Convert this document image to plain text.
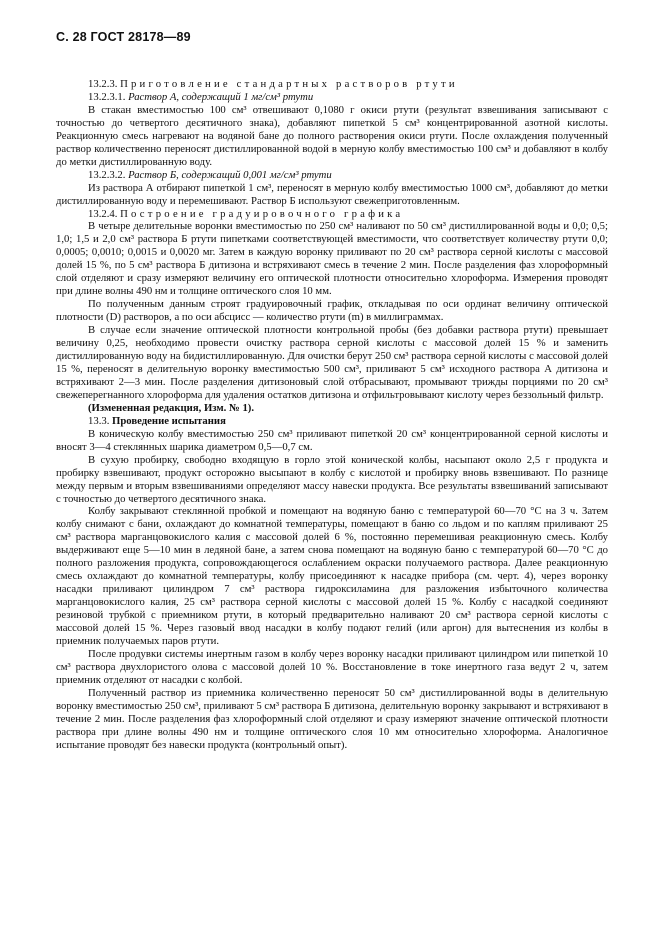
С. 28 ГОСТ 28178—89

13.2.3. Приготовление стандартных растворов ртути

13.2.3.1. Раствор А, содержащий 1 мг/см³ ртути

В стакан вместимостью 100 см³ отвешивают 0,1080 г окиси ртути (результат взвешивания записывают с точностью до четвертого десятичного знака), добавляют пипеткой 5 см³ концентрированной азотной кислоты. Реакционную смесь нагревают на водяной бане до полного растворения окиси ртути. После охлаждения полученный раствор количественно переносят дистиллированной водой в мерную колбу вместимостью 100 см³ и добавляют в колбу до метки дистиллированную воду.

13.2.3.2. Раствор Б, содержащий 0,001 мг/см³ ртути

Из раствора А отбирают пипеткой 1 см³, переносят в мерную колбу вместимостью 1000 см³, добавляют до метки дистиллированную воду и перемешивают. Раствор Б используют свежеприготовленным.

13.2.4. Построение градуировочного графика

В четыре делительные воронки вместимостью по 250 см³ наливают по 50 см³ дистиллированной воды и 0,0; 0,5; 1,0; 1,5 и 2,0 см³ раствора Б ртути пипетками соответствующей вместимости, что соответствует количеству ртути 0,0; 0,0005; 0,0010; 0,0015 и 0,0020 мг. Затем в каждую воронку приливают по 20 см³ раствора серной кислоты с массовой долей 15 %, по 5 см³ раствора Б дитизона и встряхивают смесь в течение 2 мин. После разделения фаз хлороформный слой отделяют и сразу измеряют величину его оптической плотности относительно хлороформа. Измерения проводят при длине волны 490 нм и толщине оптического слоя 10 мм.

По полученным данным строят градуировочный график, откладывая по оси ординат величину оптической плотности (D) растворов, а по оси абсцисс — количество ртути (m) в миллиграммах.

В случае если значение оптической плотности контрольной пробы (без добавки раствора ртути) превышает величину 0,25, необходимо провести очистку раствора серной кислоты с массовой долей 15 % и заменить дистиллированную воду на бидистиллированную. Для очистки берут 250 см³ раствора серной кислоты с массовой долей 15 %, переносят в делительную воронку вместимостью 500 см³, приливают 5 см³ исходного раствора А дитизона и встряхивают 2—3 мин. После разделения дитизоновый слой отбрасывают, промывают трижды порциями по 20 см³ свежеперегнанного хлороформа для удаления остатков дитизона и отфильтровывают кислоту через беззольный фильтр.

(Измененная редакция, Изм. № 1).

13.3. Проведение испытания

В коническую колбу вместимостью 250 см³ приливают пипеткой 20 см³ концентрированной серной кислоты и вносят 3—4 стеклянных шарика диаметром 0,5—0,7 см.

В сухую пробирку, свободно входящую в горло этой конической колбы, насыпают около 2,5 г продукта и пробирку взвешивают, продукт осторожно высыпают в колбу с кислотой и пробирку вновь взвешивают. По разнице между первым и вторым взвешиваниями определяют массу навески продукта. Все результаты взвешиваний записывают с точностью до четвертого десятичного знака.

Колбу закрывают стеклянной пробкой и помещают на водяную баню с температурой 60—70 °С на 3 ч. Затем колбу снимают с бани, охлаждают до комнатной температуры, помещают в баню со льдом и по каплям приливают 25 см³ раствора марганцовокислого калия с массовой долей 6 %, постоянно перемешивая реакционную смесь. Колбу выдерживают еще 5—10 мин в ледяной бане, а затем снова помещают на водяную баню с температурой 60—70 °С до полного разложения продукта, сопровождающегося ослаблением окраски получаемого раствора. Далее реакционную смесь охлаждают до комнатной температуры, колбу присоединяют к насадке прибора (см. черт. 4), через воронку насадки приливают цилиндром 7 см³ раствора гидроксиламина для разложения избыточного количества марганцовокислого калия, 25 см³ раствора серной кислоты с массовой долей 15 %. Колбу с насадкой соединяют резиновой трубкой с приемником ртути, в который предварительно наливают 20 см³ раствора серной кислоты с массовой долей 15 %. Через газовый ввод насадки в колбу подают гелий (или аргон) для вытеснения из колбы в приемник получаемых паров ртути.

После продувки системы инертным газом в колбу через воронку насадки приливают цилиндром или пипеткой 10 см³ раствора двухлористого олова с массовой долей 10 %. Восстановление в токе инертного газа ведут 2 ч, затем приемник отделяют от насадки с колбой.

Полученный раствор из приемника количественно переносят 50 см³ дистиллированной воды в делительную воронку вместимостью 250 см³, приливают 5 см³ раствора Б дитизона, делительную воронку закрывают и встряхивают в течение 2 мин. После разделения фаз хлороформный слой отделяют и сразу измеряют значение оптической плотности раствора при длине волны 490 нм и толщине оптического слоя 10 мм относительно хлороформа. Аналогичное испытание проводят без навески продукта (контрольный опыт).
